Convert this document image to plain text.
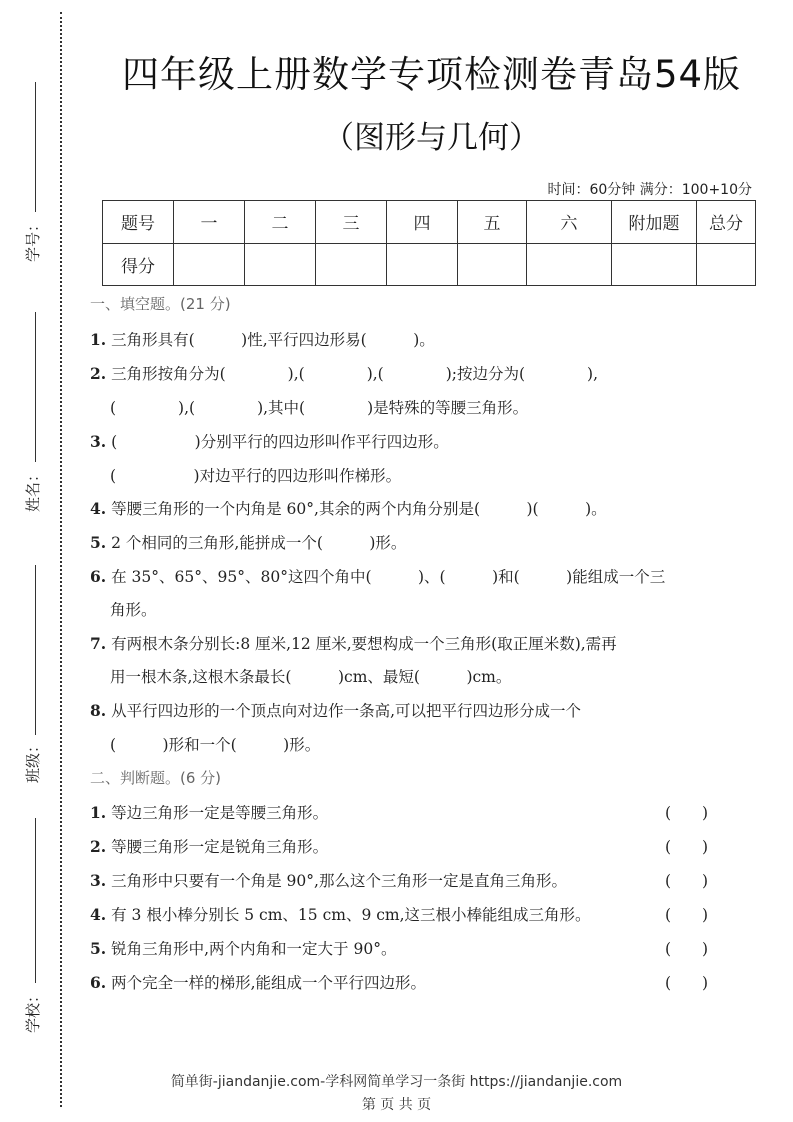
学号：
姓名：
班级：
学校：
四年级上册数学专项检测卷青岛54版
（图形与几何）
时间：60分钟 满分：100+10分
题号	一	二	三	四	五	六	附加题	总分
得分								
一、填空题。(21 分)
1. 三角形具有(　　　)性,平行四边形易(　　　)。
2. 三角形按角分为(　　　　),(　　　　),(　　　　);按边分为(　　　　),
(　　　　),(　　　　),其中(　　　　)是特殊的等腰三角形。
3. (　　　　　)分别平行的四边形叫作平行四边形。
(　　　　　)对边平行的四边形叫作梯形。
4. 等腰三角形的一个内角是 60°,其余的两个内角分别是(　　　)(　　　)。
5. 2 个相同的三角形,能拼成一个(　　　)形。
6. 在 35°、65°、95°、80°这四个角中(　　　)、(　　　)和(　　　)能组成一个三
角形。
7. 有两根木条分别长:8 厘米,12 厘米,要想构成一个三角形(取正厘米数),需再
用一根木条,这根木条最长(　　　)cm、最短(　　　)cm。
8. 从平行四边形的一个顶点向对边作一条高,可以把平行四边形分成一个
(　　　)形和一个(　　　)形。
二、判断题。(6 分)
1. 等边三角形一定是等腰三角形。	(　　)
2. 等腰三角形一定是锐角三角形。	(　　)
3. 三角形中只要有一个角是 90°,那么这个三角形一定是直角三角形。	(　　)
4. 有 3 根小棒分别长 5 cm、15 cm、9 cm,这三根小棒能组成三角形。	(　　)
5. 锐角三角形中,两个内角和一定大于 90°。	(　　)
6. 两个完全一样的梯形,能组成一个平行四边形。	(　　)
简单街-jiandanjie.com-学科网简单学习一条街 https://jiandanjie.com
第 页 共 页
